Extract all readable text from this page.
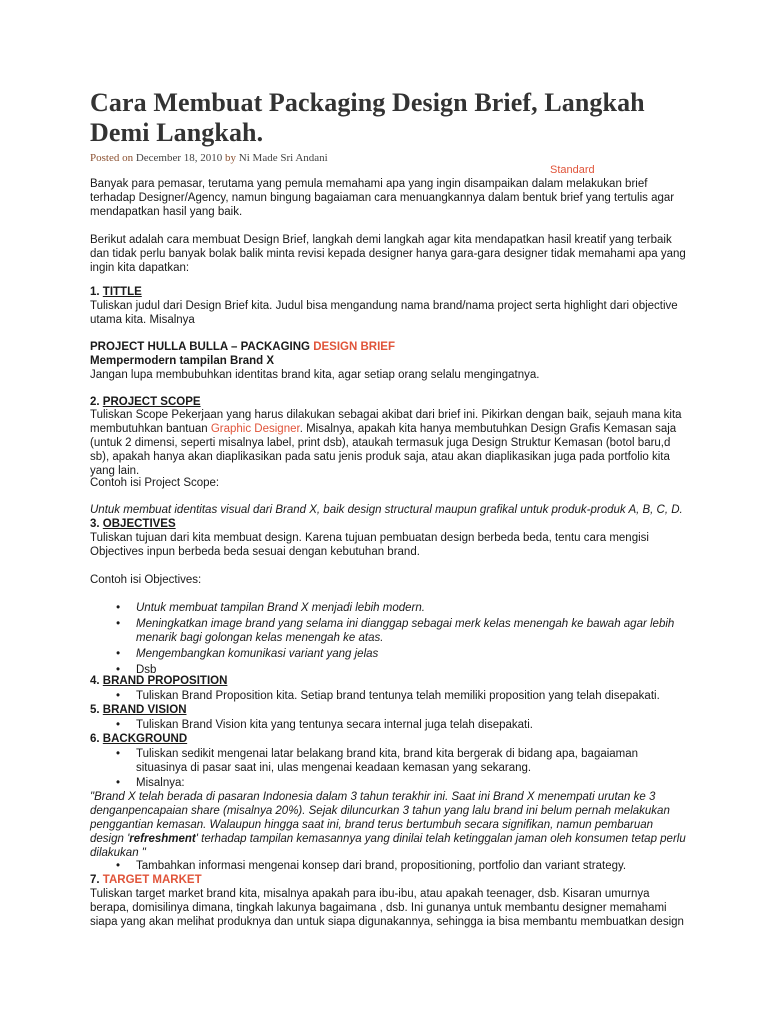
Cara Membuat Packaging Design Brief, Langkah Demi Langkah.
Posted on December 18, 2010 by Ni Made Sri Andani
Standard
Banyak para pemasar, terutama yang pemula memahami apa yang ingin disampaikan dalam melakukan brief terhadap Designer/Agency, namun bingung bagaiaman cara menuangkannya dalam bentuk brief yang tertulis agar mendapatkan hasil yang baik.
Berikut adalah cara membuat Design Brief, langkah demi langkah agar kita mendapatkan hasil kreatif yang terbaik dan tidak perlu banyak bolak balik minta revisi kepada designer hanya gara-gara designer tidak memahami apa yang ingin kita dapatkan:
1. TITTLE
Tuliskan judul dari Design Brief kita. Judul bisa mengandung nama brand/nama project serta highlight dari objective utama kita. Misalnya
PROJECT HULLA BULLA – PACKAGING DESIGN BRIEF
Mempermodern tampilan Brand X
Jangan lupa membubuhkan identitas brand kita, agar setiap orang selalu mengingatnya.
2. PROJECT SCOPE
Tuliskan Scope Pekerjaan yang harus dilakukan sebagai akibat dari brief ini. Pikirkan dengan baik, sejauh mana kita membutuhkan bantuan Graphic Designer. Misalnya, apakah kita hanya membutuhkan Design Grafis Kemasan saja (untuk 2 dimensi, seperti misalnya label, print dsb), ataukah termasuk juga Design Struktur Kemasan (botol baru,d sb), apakah hanya akan diaplikasikan pada satu jenis produk saja, atau akan diaplikasikan juga pada portfolio kita yang lain.
Contoh isi Project Scope:
Untuk membuat identitas visual dari Brand X, baik design structural maupun grafikal untuk produk-produk A, B, C, D.
3. OBJECTIVES
Tuliskan tujuan dari kita membuat design. Karena tujuan pembuatan design berbeda beda, tentu cara mengisi Objectives inpun berbeda beda sesuai dengan kebutuhan brand.
Contoh isi Objectives:
•	Untuk membuat tampilan Brand X menjadi lebih modern.
•	Meningkatkan image brand yang selama ini dianggap sebagai merk kelas menengah ke bawah agar lebih menarik bagi golongan kelas menengah ke atas.
•	Mengembangkan komunikasi variant yang jelas
•	Dsb
4. BRAND PROPOSITION
•	Tuliskan Brand Proposition kita. Setiap brand tentunya telah memiliki proposition yang telah disepakati.
5. BRAND VISION
•	Tuliskan Brand Vision kita yang tentunya secara internal juga telah disepakati.
6. BACKGROUND
•	Tuliskan sedikit mengenai latar belakang brand kita, brand kita bergerak di bidang apa, bagaiaman situasinya di pasar saat ini, ulas mengenai keadaan kemasan yang sekarang.
•	Misalnya:
"Brand X telah berada di pasaran Indonesia dalam 3 tahun terakhir ini. Saat ini Brand X menempati urutan ke 3 denganpencapaian share (misalnya 20%). Sejak diluncurkan 3 tahun yang lalu brand ini belum pernah melakukan penggantian kemasan. Walaupun hingga saat ini, brand terus bertumbuh secara signifikan, namun pembaruan design 'refreshment' terhadap tampilan kemasannya yang dinilai telah ketinggalan jaman oleh konsumen tetap perlu dilakukan "
•	Tambahkan informasi mengenai konsep dari brand, propositioning, portfolio dan variant strategy.
7. TARGET MARKET
Tuliskan target market brand kita, misalnya apakah para ibu-ibu, atau apakah teenager, dsb. Kisaran umurnya berapa, domisilinya dimana, tingkah lakunya bagaimana , dsb. Ini gunanya untuk membantu designer memahami siapa yang akan melihat produknya dan untuk siapa digunakannya, sehingga ia bisa membantu membuatkan design
